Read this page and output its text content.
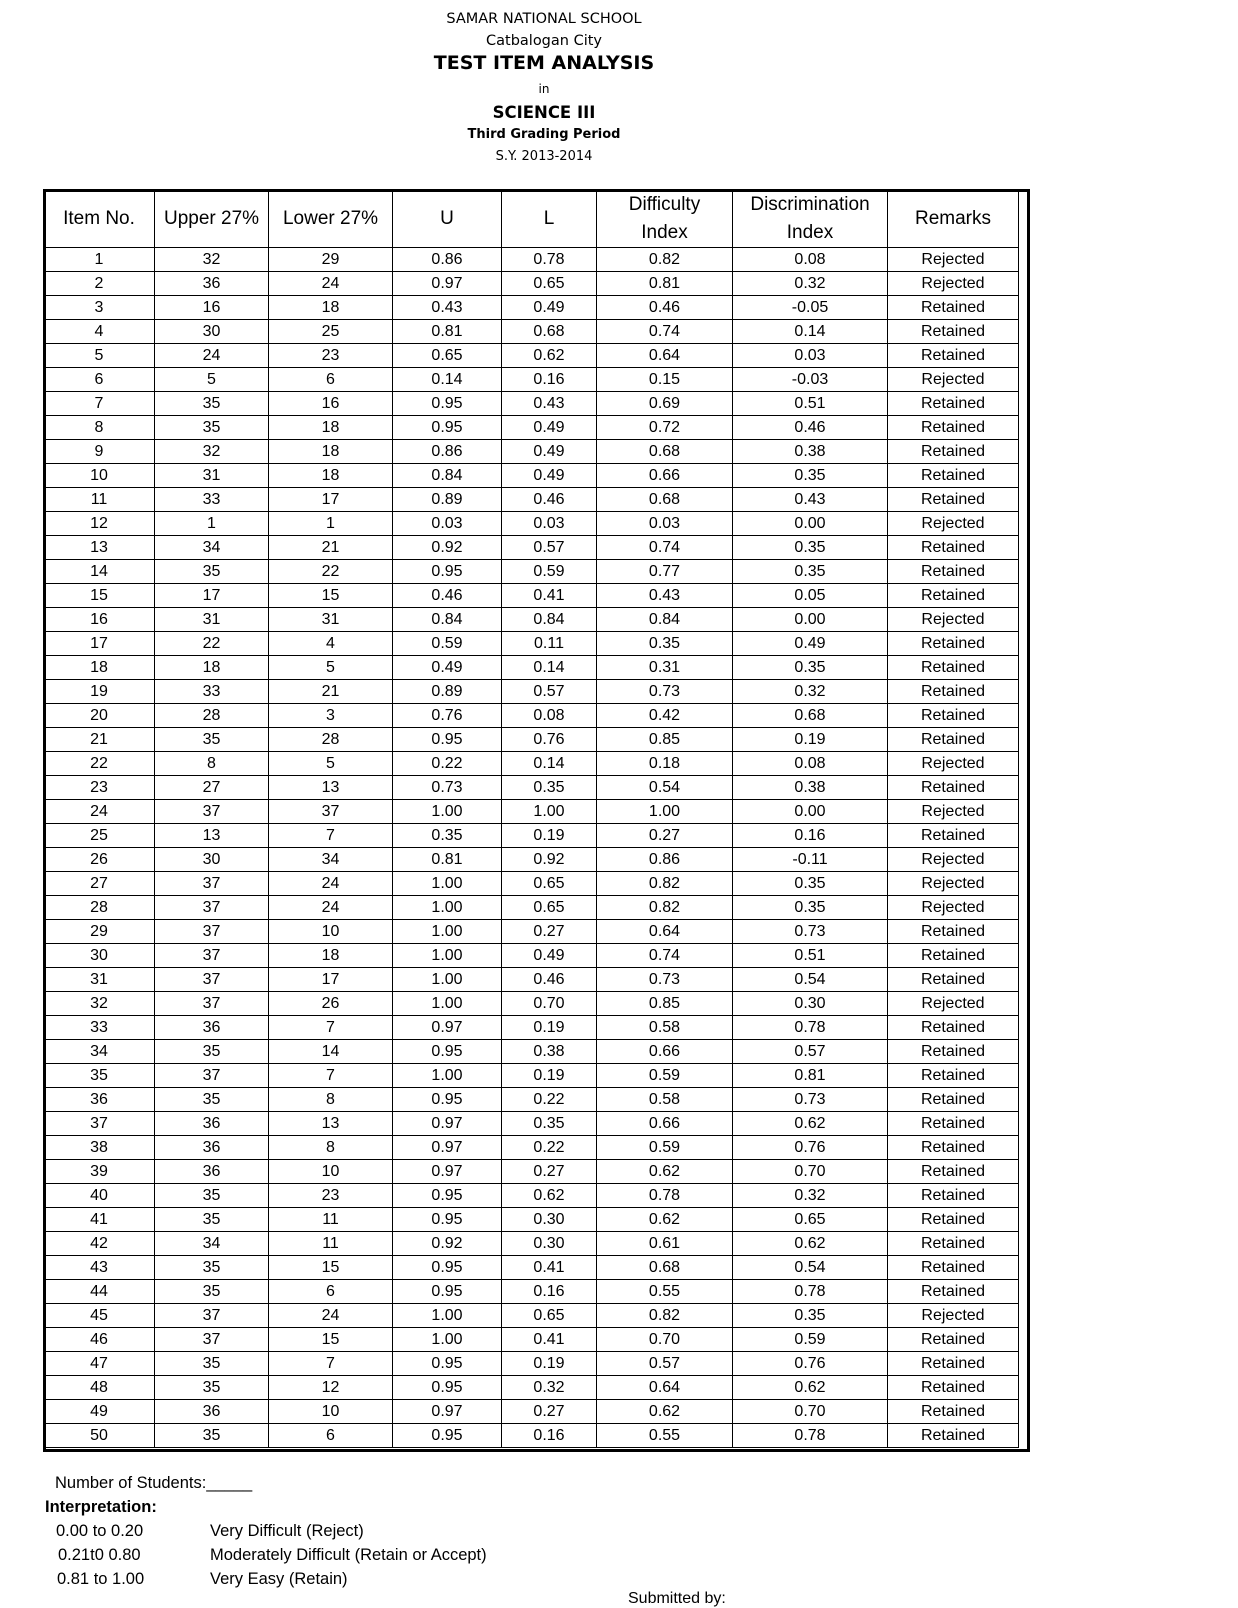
SAMAR NATIONAL SCHOOL
Catbalogan City
TEST ITEM ANALYSIS
in
SCIENCE III
Third Grading Period
S.Y. 2013-2014
Item No.	Upper 27%	Lower 27%	U	L	Difficulty Index	Discrimination Index	Remarks
1	32	29	0.86	0.78	0.82	0.08	Rejected
2	36	24	0.97	0.65	0.81	0.32	Rejected
3	16	18	0.43	0.49	0.46	-0.05	Retained
4	30	25	0.81	0.68	0.74	0.14	Retained
5	24	23	0.65	0.62	0.64	0.03	Retained
6	5	6	0.14	0.16	0.15	-0.03	Rejected
7	35	16	0.95	0.43	0.69	0.51	Retained
8	35	18	0.95	0.49	0.72	0.46	Retained
9	32	18	0.86	0.49	0.68	0.38	Retained
10	31	18	0.84	0.49	0.66	0.35	Retained
11	33	17	0.89	0.46	0.68	0.43	Retained
12	1	1	0.03	0.03	0.03	0.00	Rejected
13	34	21	0.92	0.57	0.74	0.35	Retained
14	35	22	0.95	0.59	0.77	0.35	Retained
15	17	15	0.46	0.41	0.43	0.05	Retained
16	31	31	0.84	0.84	0.84	0.00	Rejected
17	22	4	0.59	0.11	0.35	0.49	Retained
18	18	5	0.49	0.14	0.31	0.35	Retained
19	33	21	0.89	0.57	0.73	0.32	Retained
20	28	3	0.76	0.08	0.42	0.68	Retained
21	35	28	0.95	0.76	0.85	0.19	Retained
22	8	5	0.22	0.14	0.18	0.08	Rejected
23	27	13	0.73	0.35	0.54	0.38	Retained
24	37	37	1.00	1.00	1.00	0.00	Rejected
25	13	7	0.35	0.19	0.27	0.16	Retained
26	30	34	0.81	0.92	0.86	-0.11	Rejected
27	37	24	1.00	0.65	0.82	0.35	Rejected
28	37	24	1.00	0.65	0.82	0.35	Rejected
29	37	10	1.00	0.27	0.64	0.73	Retained
30	37	18	1.00	0.49	0.74	0.51	Retained
31	37	17	1.00	0.46	0.73	0.54	Retained
32	37	26	1.00	0.70	0.85	0.30	Rejected
33	36	7	0.97	0.19	0.58	0.78	Retained
34	35	14	0.95	0.38	0.66	0.57	Retained
35	37	7	1.00	0.19	0.59	0.81	Retained
36	35	8	0.95	0.22	0.58	0.73	Retained
37	36	13	0.97	0.35	0.66	0.62	Retained
38	36	8	0.97	0.22	0.59	0.76	Retained
39	36	10	0.97	0.27	0.62	0.70	Retained
40	35	23	0.95	0.62	0.78	0.32	Retained
41	35	11	0.95	0.30	0.62	0.65	Retained
42	34	11	0.92	0.30	0.61	0.62	Retained
43	35	15	0.95	0.41	0.68	0.54	Retained
44	35	6	0.95	0.16	0.55	0.78	Retained
45	37	24	1.00	0.65	0.82	0.35	Rejected
46	37	15	1.00	0.41	0.70	0.59	Retained
47	35	7	0.95	0.19	0.57	0.76	Retained
48	35	12	0.95	0.32	0.64	0.62	Retained
49	36	10	0.97	0.27	0.62	0.70	Retained
50	35	6	0.95	0.16	0.55	0.78	Retained
Number of Students:_____
Interpretation:
0.00 to 0.20	Very Difficult (Reject)
0.21t0 0.80	Moderately Difficult (Retain or Accept)
0.81 to 1.00	Very Easy (Retain)
Submitted by:
